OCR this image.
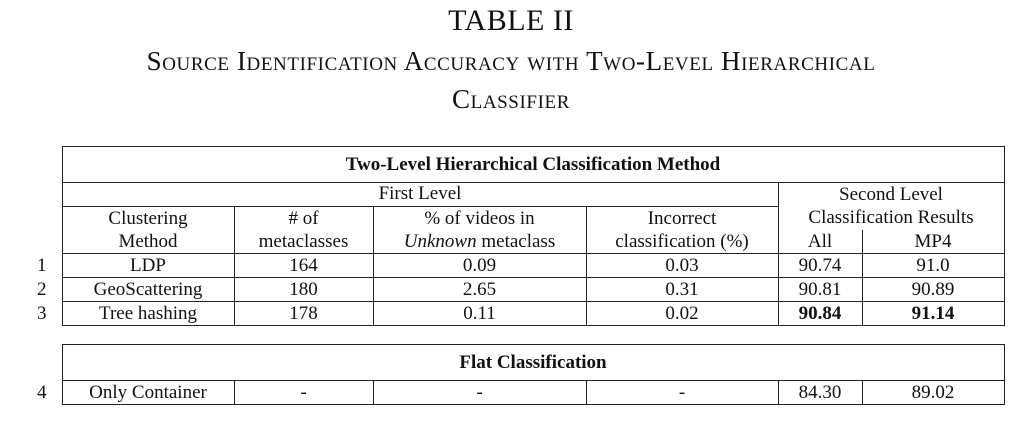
TABLE II
Source Identification Accuracy with Two-Level Hierarchical
Classifier
	Two-Level Hierarchical Classification Method					
	First Level				Second Level	
	Clustering	# of	% of videos in	Incorrect	Classification Results	
	Method	metaclasses	Unknown metaclass	classification (%)	All	MP4
1	LDP	164	0.09	0.03	90.74	91.0
2	GeoScattering	180	2.65	0.31	90.81	90.89
3	Tree hashing	178	0.11	0.02	90.84	91.14
	Flat Classification					
4	Only Container	-	-	-	84.30	89.02
